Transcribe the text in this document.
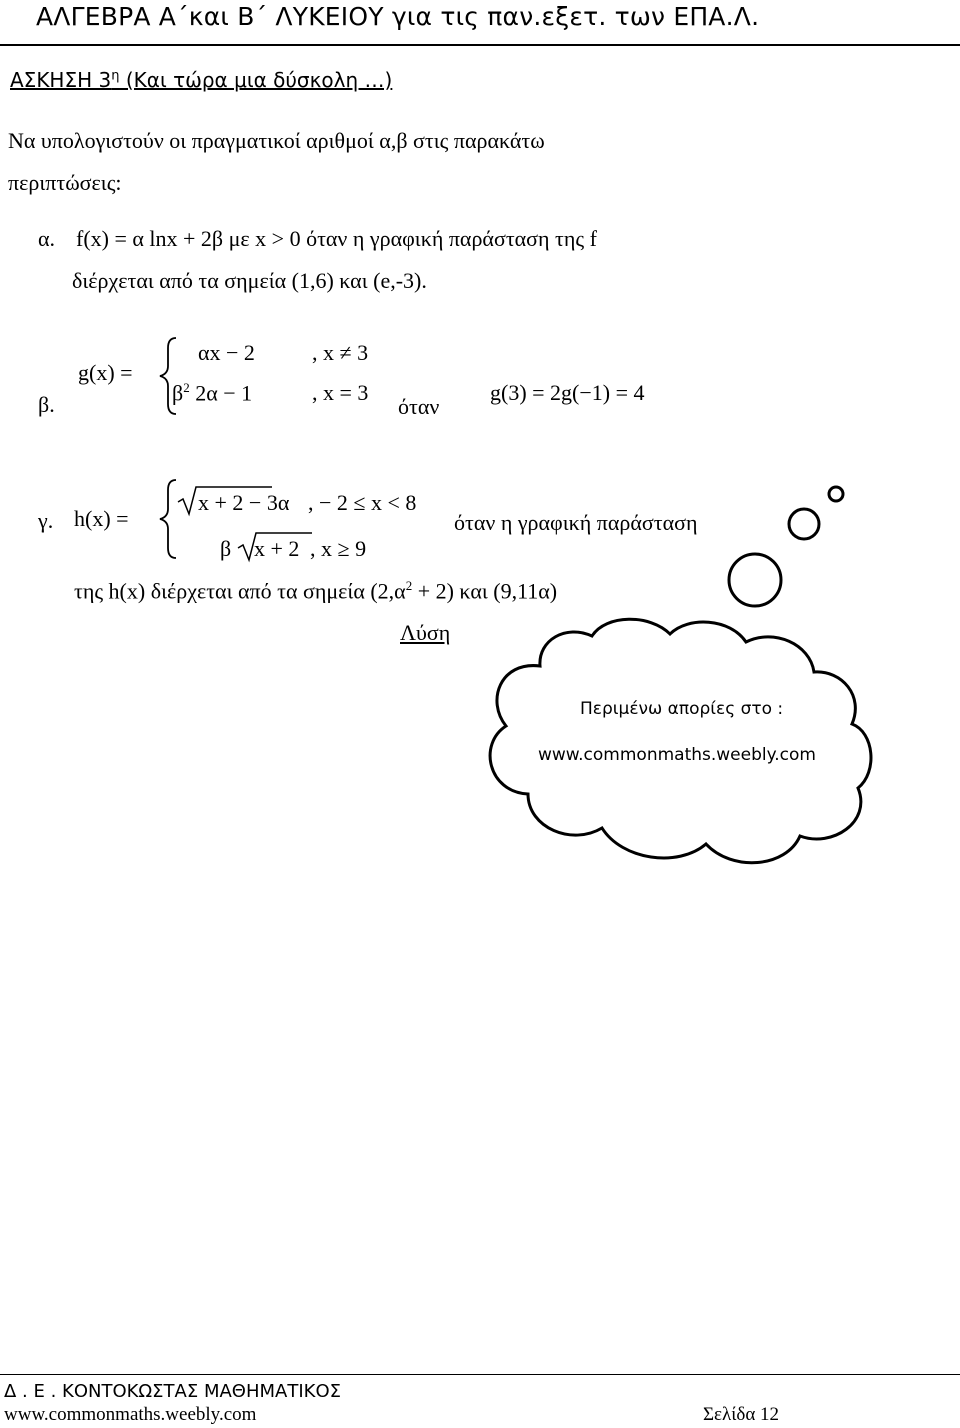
ΑΛΓΕΒΡΑ Α΄και Β΄ ΛΥΚΕΙΟΥ για τις παν.εξετ. των ΕΠΑ.Λ.
ΑΣΚΗΣΗ $3^\eta$ (Και τώρα μια δύσκολη …)
Να υπολογιστούν οι πραγματικοί αριθμοί α,β στις παρακάτω
περιπτώσεις:
α. f(x) = α lnx + 2β με x > 0 όταν η γραφική παράσταση της f
διέρχεται από τα σημεία (1,6) και (e,-3).
β.
g(x) =
αx − 2	, x ≠ 3
$\beta^2$ 2α − 1	, x = 3
όταν
g(3) = 2g(−1) = 4
γ. h(x) =
x + 2 − 3α , − 2 ≤ x < 8
β x + 2 , x ≥ 9
όταν η γραφική παράσταση
της h(x) διέρχεται από τα σημεία $(2,\alpha^2 + 2)$ και (9,11α)
Λύση
Περιμένω απορίες στο :
www.commonmaths.weebly.com
Δ . Ε . ΚΟΝΤΟΚΩΣΤΑΣ ΜΑΘΗΜΑΤΙΚΟΣ
www.commonmaths.weebly.com	Σελίδα 12
